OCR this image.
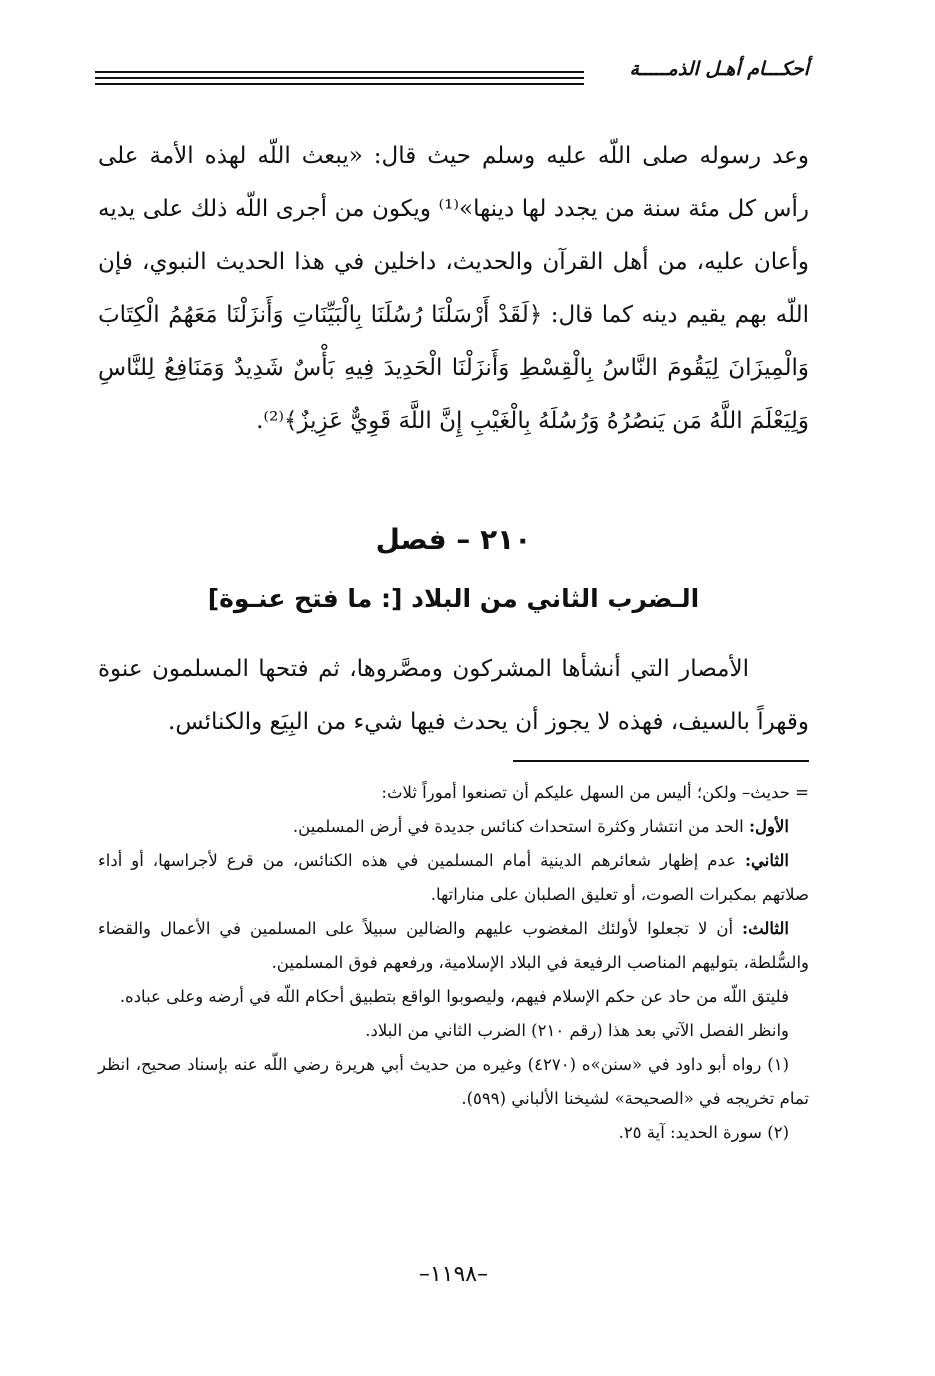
أحكـــام أهـل الذمـــــة

وعد رسوله صلى اللّه عليه وسلم حيث قال: «يبعث اللّه لهذه الأمة على رأس كل مئة سنة من يجدد لها دينها»⁽¹⁾ ويكون من أجرى اللّه ذلك على يديه وأعان عليه، من أهل القرآن والحديث، داخلين في هذا الحديث النبوي، فإن اللّه بهم يقيم دينه كما قال: ﴿لَقَدْ أَرْسَلْنَا رُسُلَنَا بِالْبَيِّنَاتِ وَأَنزَلْنَا مَعَهُمُ الْكِتَابَ وَالْمِيزَانَ لِيَقُومَ النَّاسُ بِالْقِسْطِ وَأَنزَلْنَا الْحَدِيدَ فِيهِ بَأْسٌ شَدِيدٌ وَمَنَافِعُ لِلنَّاسِ وَلِيَعْلَمَ اللَّهُ مَن يَنصُرُهُ وَرُسُلَهُ بِالْغَيْبِ إِنَّ اللَّهَ قَوِيٌّ عَزِيزٌ﴾⁽²⁾.

٢١٠ – فصل
الـضرب الثاني من البلاد [: ما فتح عنـوة]

الأمصار التي أنشأها المشركون ومصَّروها، ثم فتحها المسلمون عنوة وقهراً بالسيف، فهذه لا يجوز أن يحدث فيها شيء من البِيَع والكنائس.

= حديث– ولكن؛ أليس من السهل عليكم أن تصنعوا أموراً ثلاث:

الأول: الحد من انتشار وكثرة استحداث كنائس جديدة في أرض المسلمين.

الثاني: عدم إظهار شعائرهم الدينية أمام المسلمين في هذه الكنائس، من قرع لأجراسها، أو أداء صلاتهم بمكبرات الصوت، أو تعليق الصلبان على مناراتها.

الثالث: أن لا تجعلوا لأولئك المغضوب عليهم والضالين سبيلاً على المسلمين في الأعمال والقضاء والسُّلطة، بتوليهم المناصب الرفيعة في البلاد الإسلامية، ورفعهم فوق المسلمين.

فليتق اللّه من حاد عن حكم الإسلام فيهم، وليصوبوا الواقع بتطبيق أحكام اللّه في أرضه وعلى عباده.

وانظر الفصل الآتي بعد هذا (رقم ٢١٠) الضرب الثاني من البلاد.

(١) رواه أبو داود في «سنن»ه (٤٢٧٠) وغيره من حديث أبي هريرة رضي اللّه عنه بإسناد صحيح، انظر تمام تخريجه في «الصحيحة» لشيخنا الألباني (٥٩٩).

(٢) سورة الحديد: آية ٢٥.

–١١٩٨–
